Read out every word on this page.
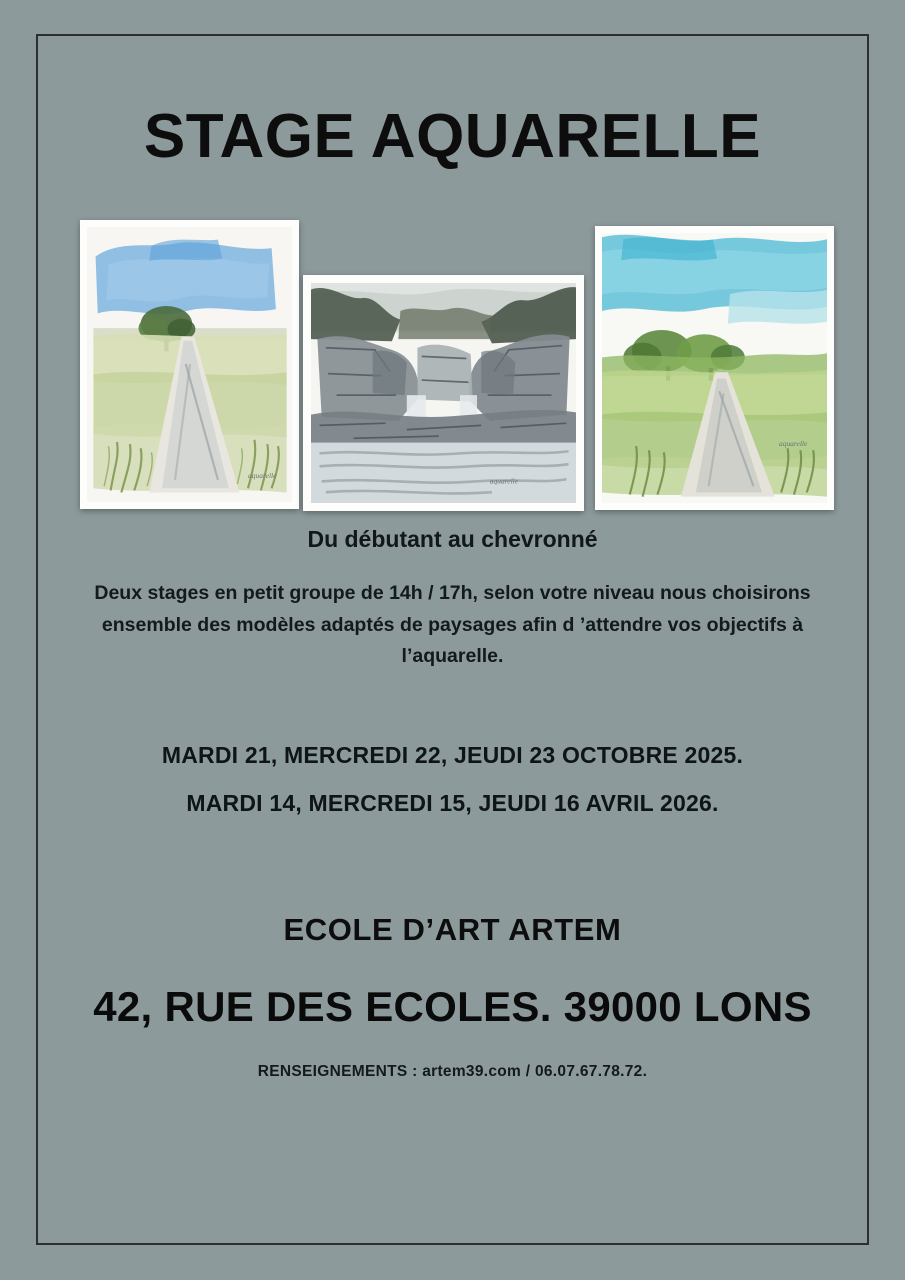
STAGE AQUARELLE
aquarelle
aquarelle
aquarelle
Du débutant au chevronné
Deux stages en petit groupe de 14h / 17h, selon votre niveau nous choisirons ensemble des modèles adaptés de paysages afin d ’attendre vos objectifs à l’aquarelle.
MARDI 21, MERCREDI 22, JEUDI 23 OCTOBRE 2025.
MARDI 14, MERCREDI 15, JEUDI 16 AVRIL 2026.
ECOLE D’ART ARTEM
42, RUE DES ECOLES. 39000 LONS
RENSEIGNEMENTS : artem39.com / 06.07.67.78.72.
